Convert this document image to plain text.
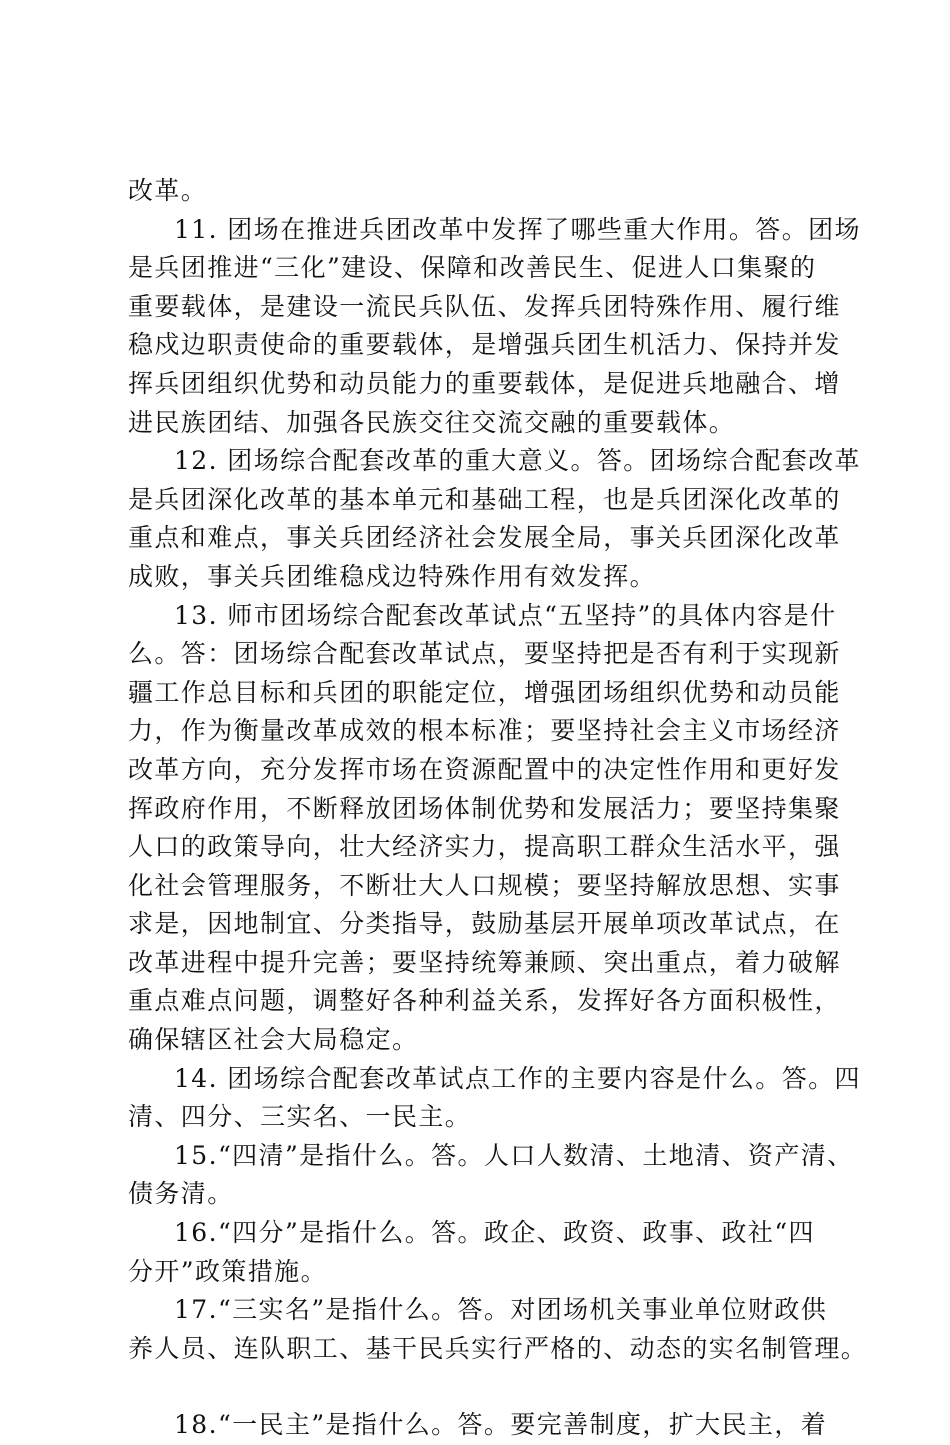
改革。
11. 团场在推进兵团改革中发挥了哪些重大作用。答。团场
是兵团推进“三化”建设、保障和改善民生、促进人口集聚的
重要载体，是建设一流民兵队伍、发挥兵团特殊作用、履行维
稳戍边职责使命的重要载体，是增强兵团生机活力、保持并发
挥兵团组织优势和动员能力的重要载体，是促进兵地融合、增
进民族团结、加强各民族交往交流交融的重要载体。
12. 团场综合配套改革的重大意义。答。团场综合配套改革
是兵团深化改革的基本单元和基础工程，也是兵团深化改革的
重点和难点，事关兵团经济社会发展全局，事关兵团深化改革
成败，事关兵团维稳戍边特殊作用有效发挥。
13. 师市团场综合配套改革试点“五坚持”的具体内容是什
么。答：团场综合配套改革试点，要坚持把是否有利于实现新
疆工作总目标和兵团的职能定位，增强团场组织优势和动员能
力，作为衡量改革成效的根本标准；要坚持社会主义市场经济
改革方向，充分发挥市场在资源配置中的决定性作用和更好发
挥政府作用，不断释放团场体制优势和发展活力；要坚持集聚
人口的政策导向，壮大经济实力，提高职工群众生活水平，强
化社会管理服务，不断壮大人口规模；要坚持解放思想、实事
求是，因地制宜、分类指导，鼓励基层开展单项改革试点，在
改革进程中提升完善；要坚持统筹兼顾、突出重点，着力破解
重点难点问题，调整好各种利益关系，发挥好各方面积极性，
确保辖区社会大局稳定。
14. 团场综合配套改革试点工作的主要内容是什么。答。四
清、四分、三实名、一民主。
15.“四清”是指什么。答。人口人数清、土地清、资产清、
债务清。
16.“四分”是指什么。答。政企、政资、政事、政社“四
分开”政策措施。
17.“三实名”是指什么。答。对团场机关事业单位财政供
养人员、连队职工、基干民兵实行严格的、动态的实名制管理。
18.“一民主”是指什么。答。要完善制度，扩大民主，着
